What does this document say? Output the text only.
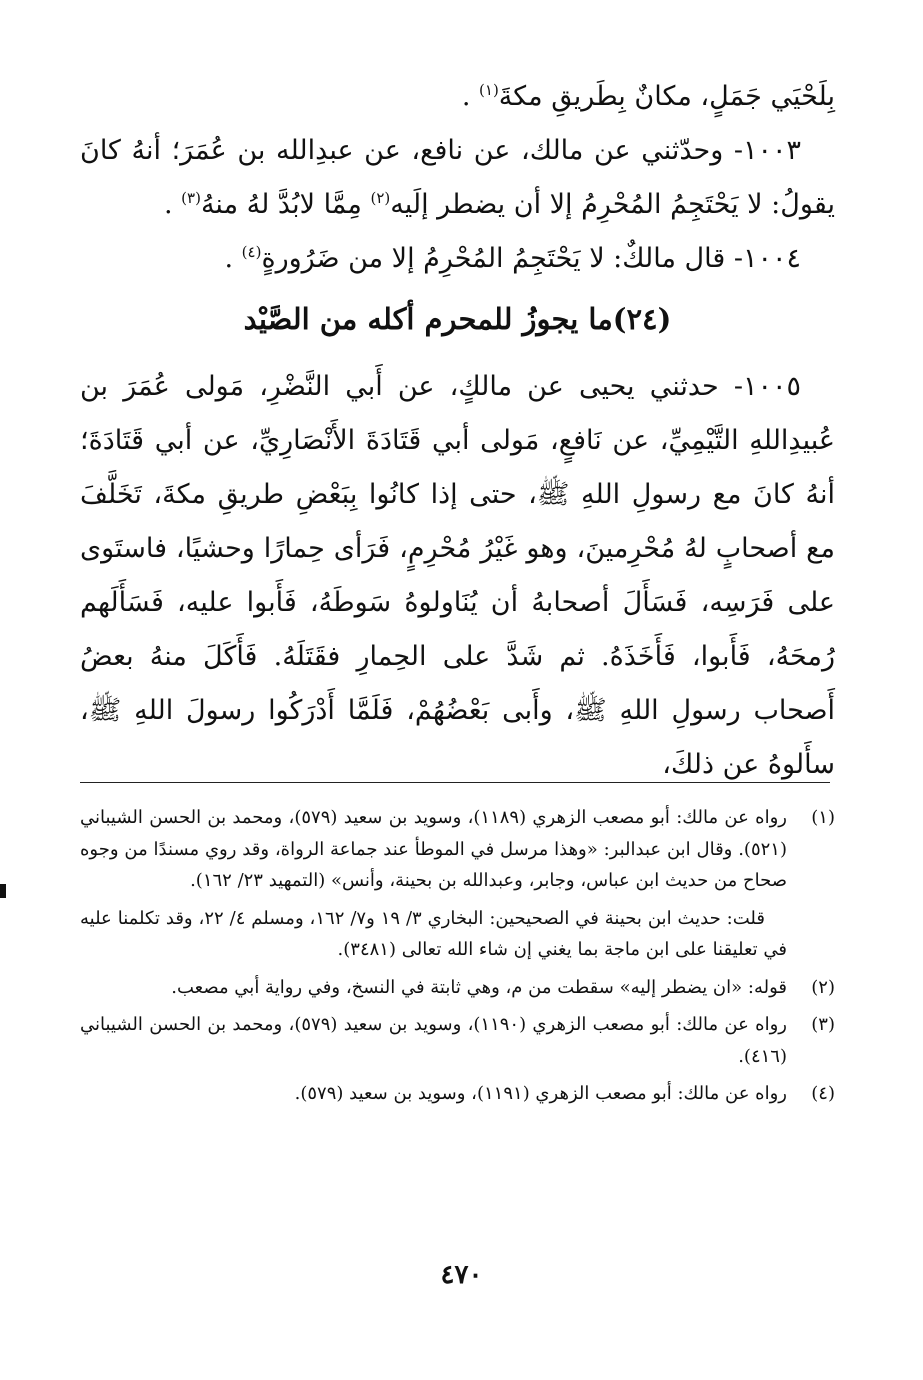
بِلَحْيَي جَمَلٍ، مكانٌ بِطَريقِ مكةَ$^{(١)}$ .

١٠٠٣- وحدّثني عن مالك، عن نافع، عن عبدِالله بن عُمَرَ؛ أنهُ كانَ يقولُ: لا يَحْتَجِمُ المُحْرِمُ إلا أن يضطر إلَيه$^{(٢)}$ مِمَّا لابُدَّ لهُ منهُ$^{(٣)}$ .

١٠٠٤- قال مالكٌ: لا يَحْتَجِمُ المُحْرِمُ إلا من ضَرُورةٍ$^{(٤)}$ .

(٢٤)ما يجوزُ للمحرم أكله من الصَّيْد

١٠٠٥- حدثني يحيى عن مالكٍ، عن أَبي النَّضْرِ، مَولى عُمَرَ بن عُبيدِاللهِ التَّيْمِيِّ، عن نَافعٍ، مَولى أبي قَتَادَةَ الأَنْصَارِيِّ، عن أبي قَتَادَةَ؛ أنهُ كانَ مع رسولِ اللهِ ﷺ، حتى إذا كانُوا بِبَعْضِ طريقِ مكةَ، تَخَلَّفَ مع أصحابٍ لهُ مُحْرِمينَ، وهو غَيْرُ مُحْرِمٍ، فَرَأى حِمارًا وحشيًا، فاستَوى على فَرَسِه، فَسَأَلَ أصحابهُ أن يُنَاولوهُ سَوطَهُ، فَأَبوا عليه، فَسَأَلَهم رُمحَهُ، فَأَبوا، فَأَخَذَهُ. ثم شَدَّ على الحِمارِ فقَتَلَهُ. فَأَكَلَ منهُ بعضُ أَصحاب رسولِ اللهِ ﷺ، وأَبى بَعْضُهُمْ، فَلَمَّا أَدْرَكُوا رسولَ اللهِ ﷺ، سأَلوهُ عن ذلكَ،

(١)

رواه عن مالك: أبو مصعب الزهري (١١٨٩)، وسويد بن سعيد (٥٧٩)، ومحمد بن الحسن الشيباني (٥٢١). وقال ابن عبدالبر: «وهذا مرسل في الموطأ عند جماعة الرواة، وقد روي مسندًا من وجوه صحاح من حديث ابن عباس، وجابر، وعبدالله بن بحينة، وأنس» (التمهيد ٢٣/ ١٦٢).

قلت: حديث ابن بحينة في الصحيحين: البخاري ٣/ ١٩ و٧/ ١٦٢، ومسلم ٤/ ٢٢، وقد تكلمنا عليه في تعليقنا على ابن ماجة بما يغني إن شاء الله تعالى (٣٤٨١).

(٢)

قوله: «ان يضطر إليه» سقطت من م، وهي ثابتة في النسخ، وفي رواية أبي مصعب.

(٣)

رواه عن مالك: أبو مصعب الزهري (١١٩٠)، وسويد بن سعيد (٥٧٩)، ومحمد بن الحسن الشيباني (٤١٦).

(٤)

رواه عن مالك: أبو مصعب الزهري (١١٩١)، وسويد بن سعيد (٥٧٩).

٤٧٠
